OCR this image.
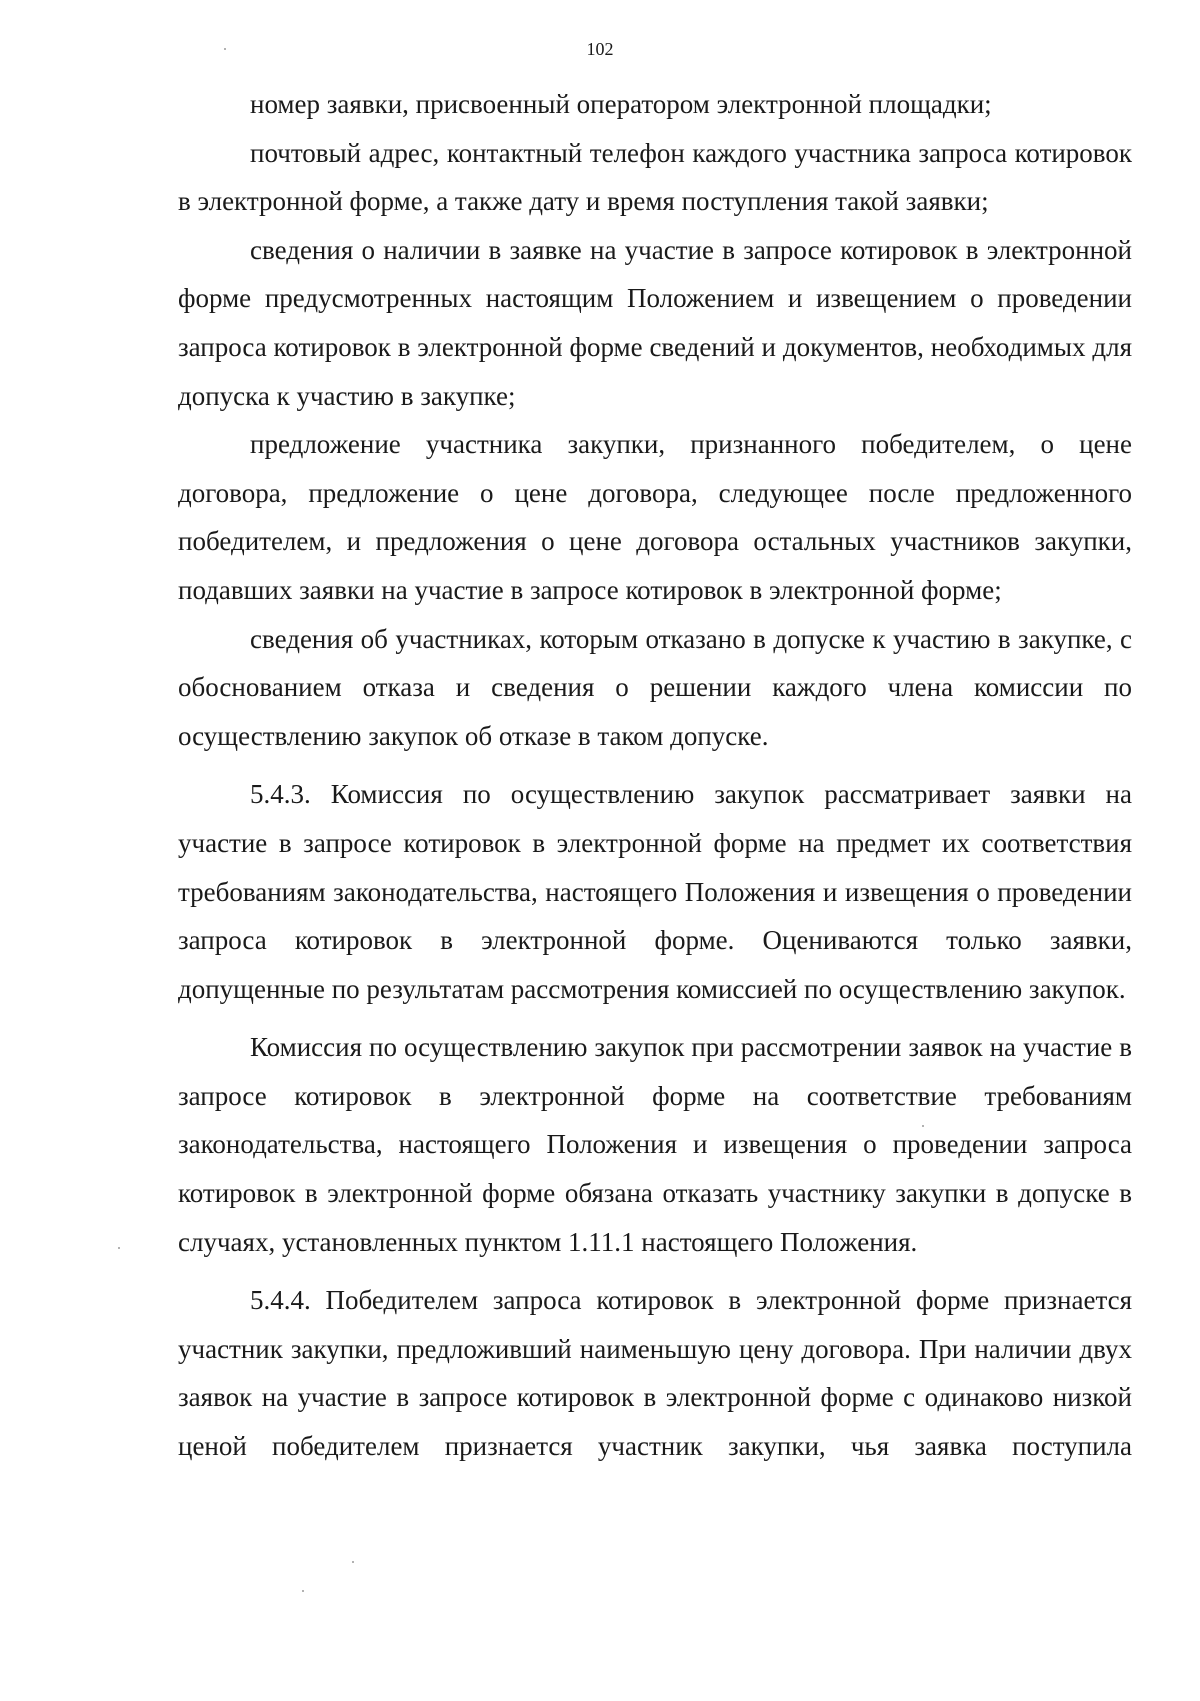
102

номер заявки, присвоенный оператором электронной площадки;

почтовый адрес, контактный телефон каждого участника запроса котировок в электронной форме, а также дату и время поступления такой заявки;

сведения о наличии в заявке на участие в запросе котировок в электронной форме предусмотренных настоящим Положением и извещением о проведении запроса котировок в электронной форме сведений и документов, необходимых для допуска к участию в закупке;

предложение участника закупки, признанного победителем, о цене договора, предложение о цене договора, следующее после предложенного победителем, и предложения о цене договора остальных участников закупки, подавших заявки на участие в запросе котировок в электронной форме;

сведения об участниках, которым отказано в допуске к участию в закупке, с обоснованием отказа и сведения о решении каждого члена комиссии по осуществлению закупок об отказе в таком допуске.

5.4.3. Комиссия по осуществлению закупок рассматривает заявки на участие в запросе котировок в электронной форме на предмет их соответствия требованиям законодательства, настоящего Положения и извещения о проведении запроса котировок в электронной форме. Оцениваются только заявки, допущенные по результатам рассмотрения комиссией по осуществлению закупок.

Комиссия по осуществлению закупок при рассмотрении заявок на участие в запросе котировок в электронной форме на соответствие требованиям законодательства, настоящего Положения и извещения о проведении запроса котировок в электронной форме обязана отказать участнику закупки в допуске в случаях, установленных пунктом 1.11.1 настоящего Положения.

5.4.4. Победителем запроса котировок в электронной форме признается участник закупки, предложивший наименьшую цену договора. При наличии двух заявок на участие в запросе котировок в электронной форме с одинаково низкой ценой победителем признается участник закупки, чья заявка поступила
